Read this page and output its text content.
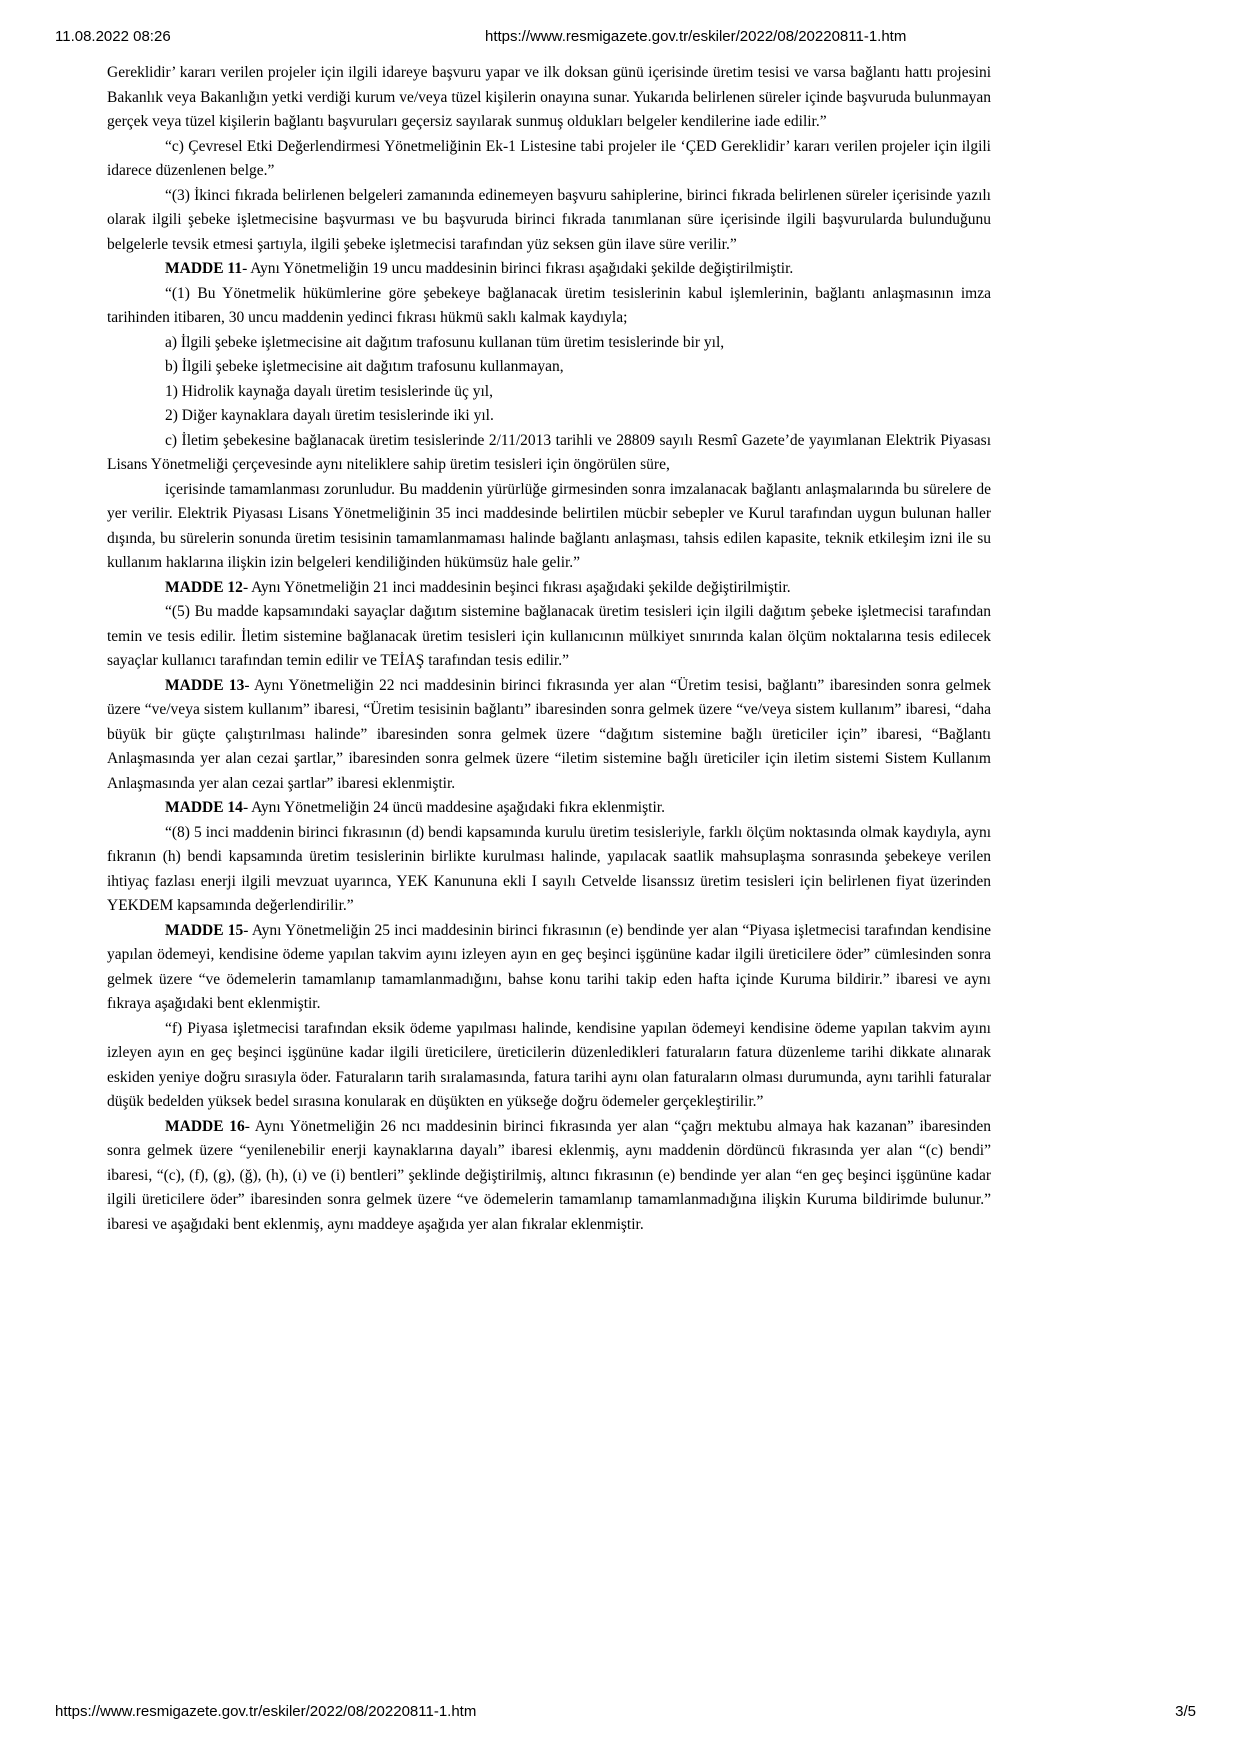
11.08.2022 08:26	https://www.resmigazete.gov.tr/eskiler/2022/08/20220811-1.htm

Gereklidir’ kararı verilen projeler için ilgili idareye başvuru yapar ve ilk doksan günü içerisinde üretim tesisi ve varsa bağlantı hattı projesini Bakanlık veya Bakanlığın yetki verdiği kurum ve/veya tüzel kişilerin onayına sunar. Yukarıda belirlenen süreler içinde başvuruda bulunmayan gerçek veya tüzel kişilerin bağlantı başvuruları geçersiz sayılarak sunmuş oldukları belgeler kendilerine iade edilir.”

“c) Çevresel Etki Değerlendirmesi Yönetmeliğinin Ek-1 Listesine tabi projeler ile ‘ÇED Gereklidir’ kararı verilen projeler için ilgili idarece düzenlenen belge.”

“(3) İkinci fıkrada belirlenen belgeleri zamanında edinemeyen başvuru sahiplerine, birinci fıkrada belirlenen süreler içerisinde yazılı olarak ilgili şebeke işletmecisine başvurması ve bu başvuruda birinci fıkrada tanımlanan süre içerisinde ilgili başvurularda bulunduğunu belgelerle tevsik etmesi şartıyla, ilgili şebeke işletmecisi tarafından yüz seksen gün ilave süre verilir.”

MADDE 11- Aynı Yönetmeliğin 19 uncu maddesinin birinci fıkrası aşağıdaki şekilde değiştirilmiştir.

“(1) Bu Yönetmelik hükümlerine göre şebekeye bağlanacak üretim tesislerinin kabul işlemlerinin, bağlantı anlaşmasının imza tarihinden itibaren, 30 uncu maddenin yedinci fıkrası hükmü saklı kalmak kaydıyla;

a) İlgili şebeke işletmecisine ait dağıtım trafosunu kullanan tüm üretim tesislerinde bir yıl,

b) İlgili şebeke işletmecisine ait dağıtım trafosunu kullanmayan,

1) Hidrolik kaynağa dayalı üretim tesislerinde üç yıl,

2) Diğer kaynaklara dayalı üretim tesislerinde iki yıl.

c) İletim şebekesine bağlanacak üretim tesislerinde 2/11/2013 tarihli ve 28809 sayılı Resmî Gazete’de yayımlanan Elektrik Piyasası Lisans Yönetmeliği çerçevesinde aynı niteliklere sahip üretim tesisleri için öngörülen süre,

içerisinde tamamlanması zorunludur. Bu maddenin yürürlüğe girmesinden sonra imzalanacak bağlantı anlaşmalarında bu sürelere de yer verilir. Elektrik Piyasası Lisans Yönetmeliğinin 35 inci maddesinde belirtilen mücbir sebepler ve Kurul tarafından uygun bulunan haller dışında, bu sürelerin sonunda üretim tesisinin tamamlanmaması halinde bağlantı anlaşması, tahsis edilen kapasite, teknik etkileşim izni ile su kullanım haklarına ilişkin izin belgeleri kendiliğinden hükümsüz hale gelir.”

MADDE 12- Aynı Yönetmeliğin 21 inci maddesinin beşinci fıkrası aşağıdaki şekilde değiştirilmiştir.

“(5) Bu madde kapsamındaki sayaçlar dağıtım sistemine bağlanacak üretim tesisleri için ilgili dağıtım şebeke işletmecisi tarafından temin ve tesis edilir. İletim sistemine bağlanacak üretim tesisleri için kullanıcının mülkiyet sınırında kalan ölçüm noktalarına tesis edilecek sayaçlar kullanıcı tarafından temin edilir ve TEİAŞ tarafından tesis edilir.”

MADDE 13- Aynı Yönetmeliğin 22 nci maddesinin birinci fıkrasında yer alan “Üretim tesisi, bağlantı” ibaresinden sonra gelmek üzere “ve/veya sistem kullanım” ibaresi, “Üretim tesisinin bağlantı” ibaresinden sonra gelmek üzere “ve/veya sistem kullanım” ibaresi, “daha büyük bir güçte çalıştırılması halinde” ibaresinden sonra gelmek üzere “dağıtım sistemine bağlı üreticiler için” ibaresi, “Bağlantı Anlaşmasında yer alan cezai şartlar,” ibaresinden sonra gelmek üzere “iletim sistemine bağlı üreticiler için iletim sistemi Sistem Kullanım Anlaşmasında yer alan cezai şartlar” ibaresi eklenmiştir.

MADDE 14- Aynı Yönetmeliğin 24 üncü maddesine aşağıdaki fıkra eklenmiştir.

“(8) 5 inci maddenin birinci fıkrasının (d) bendi kapsamında kurulu üretim tesisleriyle, farklı ölçüm noktasında olmak kaydıyla, aynı fıkranın (h) bendi kapsamında üretim tesislerinin birlikte kurulması halinde, yapılacak saatlik mahsuplaşma sonrasında şebekeye verilen ihtiyaç fazlası enerji ilgili mevzuat uyarınca, YEK Kanununa ekli I sayılı Cetvelde lisanssız üretim tesisleri için belirlenen fiyat üzerinden YEKDEM kapsamında değerlendirilir.”

MADDE 15- Aynı Yönetmeliğin 25 inci maddesinin birinci fıkrasının (e) bendinde yer alan “Piyasa işletmecisi tarafından kendisine yapılan ödemeyi, kendisine ödeme yapılan takvim ayını izleyen ayın en geç beşinci işgününe kadar ilgili üreticilere öder” cümlesinden sonra gelmek üzere “ve ödemelerin tamamlanıp tamamlanmadığını, bahse konu tarihi takip eden hafta içinde Kuruma bildirir.” ibaresi ve aynı fıkraya aşağıdaki bent eklenmiştir.

“f) Piyasa işletmecisi tarafından eksik ödeme yapılması halinde, kendisine yapılan ödemeyi kendisine ödeme yapılan takvim ayını izleyen ayın en geç beşinci işgününe kadar ilgili üreticilere, üreticilerin düzenledikleri faturaların fatura düzenleme tarihi dikkate alınarak eskiden yeniye doğru sırasıyla öder. Faturaların tarih sıralamasında, fatura tarihi aynı olan faturaların olması durumunda, aynı tarihli faturalar düşük bedelden yüksek bedel sırasına konularak en düşükten en yükseğe doğru ödemeler gerçekleştirilir.”

MADDE 16- Aynı Yönetmeliğin 26 ncı maddesinin birinci fıkrasında yer alan “çağrı mektubu almaya hak kazanan” ibaresinden sonra gelmek üzere “yenilenebilir enerji kaynaklarına dayalı” ibaresi eklenmiş, aynı maddenin dördüncü fıkrasında yer alan “(c) bendi” ibaresi, “(c), (f), (g), (ğ), (h), (ı) ve (i) bentleri” şeklinde değiştirilmiş, altıncı fıkrasının (e) bendinde yer alan “en geç beşinci işgününe kadar ilgili üreticilere öder” ibaresinden sonra gelmek üzere “ve ödemelerin tamamlanıp tamamlanmadığına ilişkin Kuruma bildirimde bulunur.” ibaresi ve aşağıdaki bent eklenmiş, aynı maddeye aşağıda yer alan fıkralar eklenmiştir.

https://www.resmigazete.gov.tr/eskiler/2022/08/20220811-1.htm	3/5
